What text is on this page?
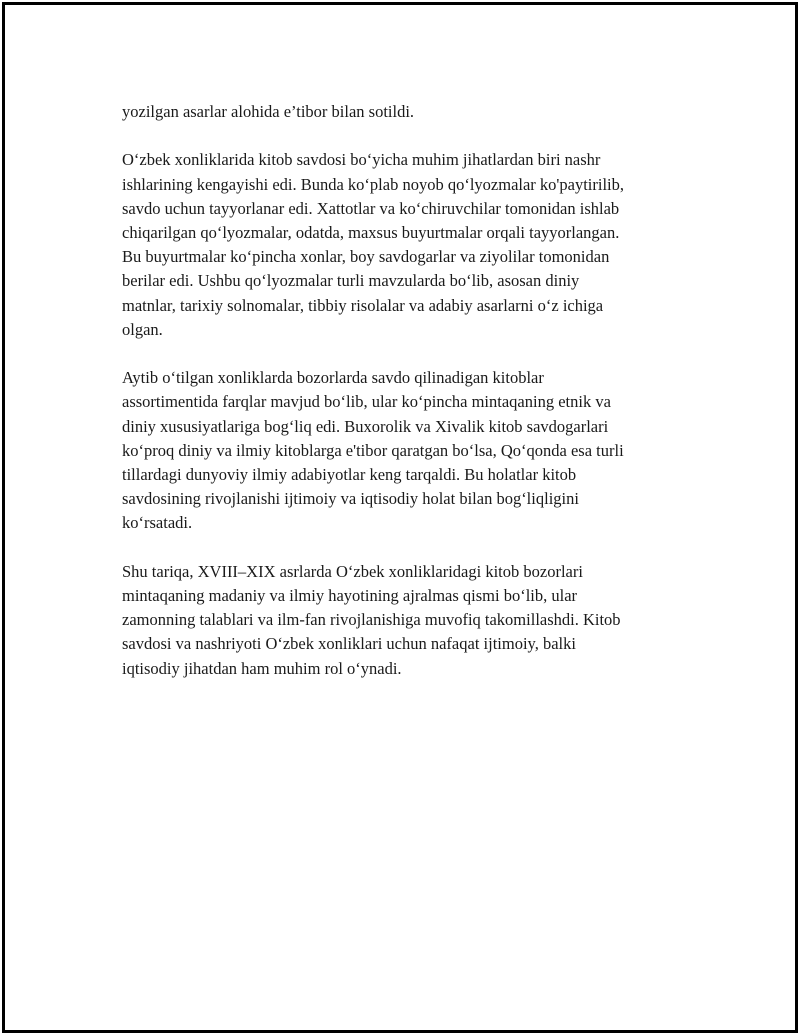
yozilgan asarlar alohida e’tibor bilan sotildi.

O‘zbek xonliklarida kitob savdosi bo‘yicha muhim jihatlardan biri nashr
ishlarining kengayishi edi. Bunda ko‘plab noyob qo‘lyozmalar ko'paytirilib,
savdo uchun tayyorlanar edi. Xattotlar va ko‘chiruvchilar tomonidan ishlab
chiqarilgan qo‘lyozmalar, odatda, maxsus buyurtmalar orqali tayyorlangan.
Bu buyurtmalar ko‘pincha xonlar, boy savdogarlar va ziyolilar tomonidan
berilar edi. Ushbu qo‘lyozmalar turli mavzularda bo‘lib, asosan diniy
matnlar, tarixiy solnomalar, tibbiy risolalar va adabiy asarlarni o‘z ichiga
olgan.

Aytib o‘tilgan xonliklarda bozorlarda savdo qilinadigan kitoblar
assortimentida farqlar mavjud bo‘lib, ular ko‘pincha mintaqaning etnik va
diniy xususiyatlariga bog‘liq edi. Buxorolik va Xivalik kitob savdogarlari
ko‘proq diniy va ilmiy kitoblarga e'tibor qaratgan bo‘lsa, Qo‘qonda esa turli
tillardagi dunyoviy ilmiy adabiyotlar keng tarqaldi. Bu holatlar kitob
savdosining rivojlanishi ijtimoiy va iqtisodiy holat bilan bog‘liqligini
ko‘rsatadi.

Shu tariqa, XVIII–XIX asrlarda O‘zbek xonliklaridagi kitob bozorlari
mintaqaning madaniy va ilmiy hayotining ajralmas qismi bo‘lib, ular
zamonning talablari va ilm-fan rivojlanishiga muvofiq takomillashdi. Kitob
savdosi va nashriyoti O‘zbek xonliklari uchun nafaqat ijtimoiy, balki
iqtisodiy jihatdan ham muhim rol o‘ynadi.
